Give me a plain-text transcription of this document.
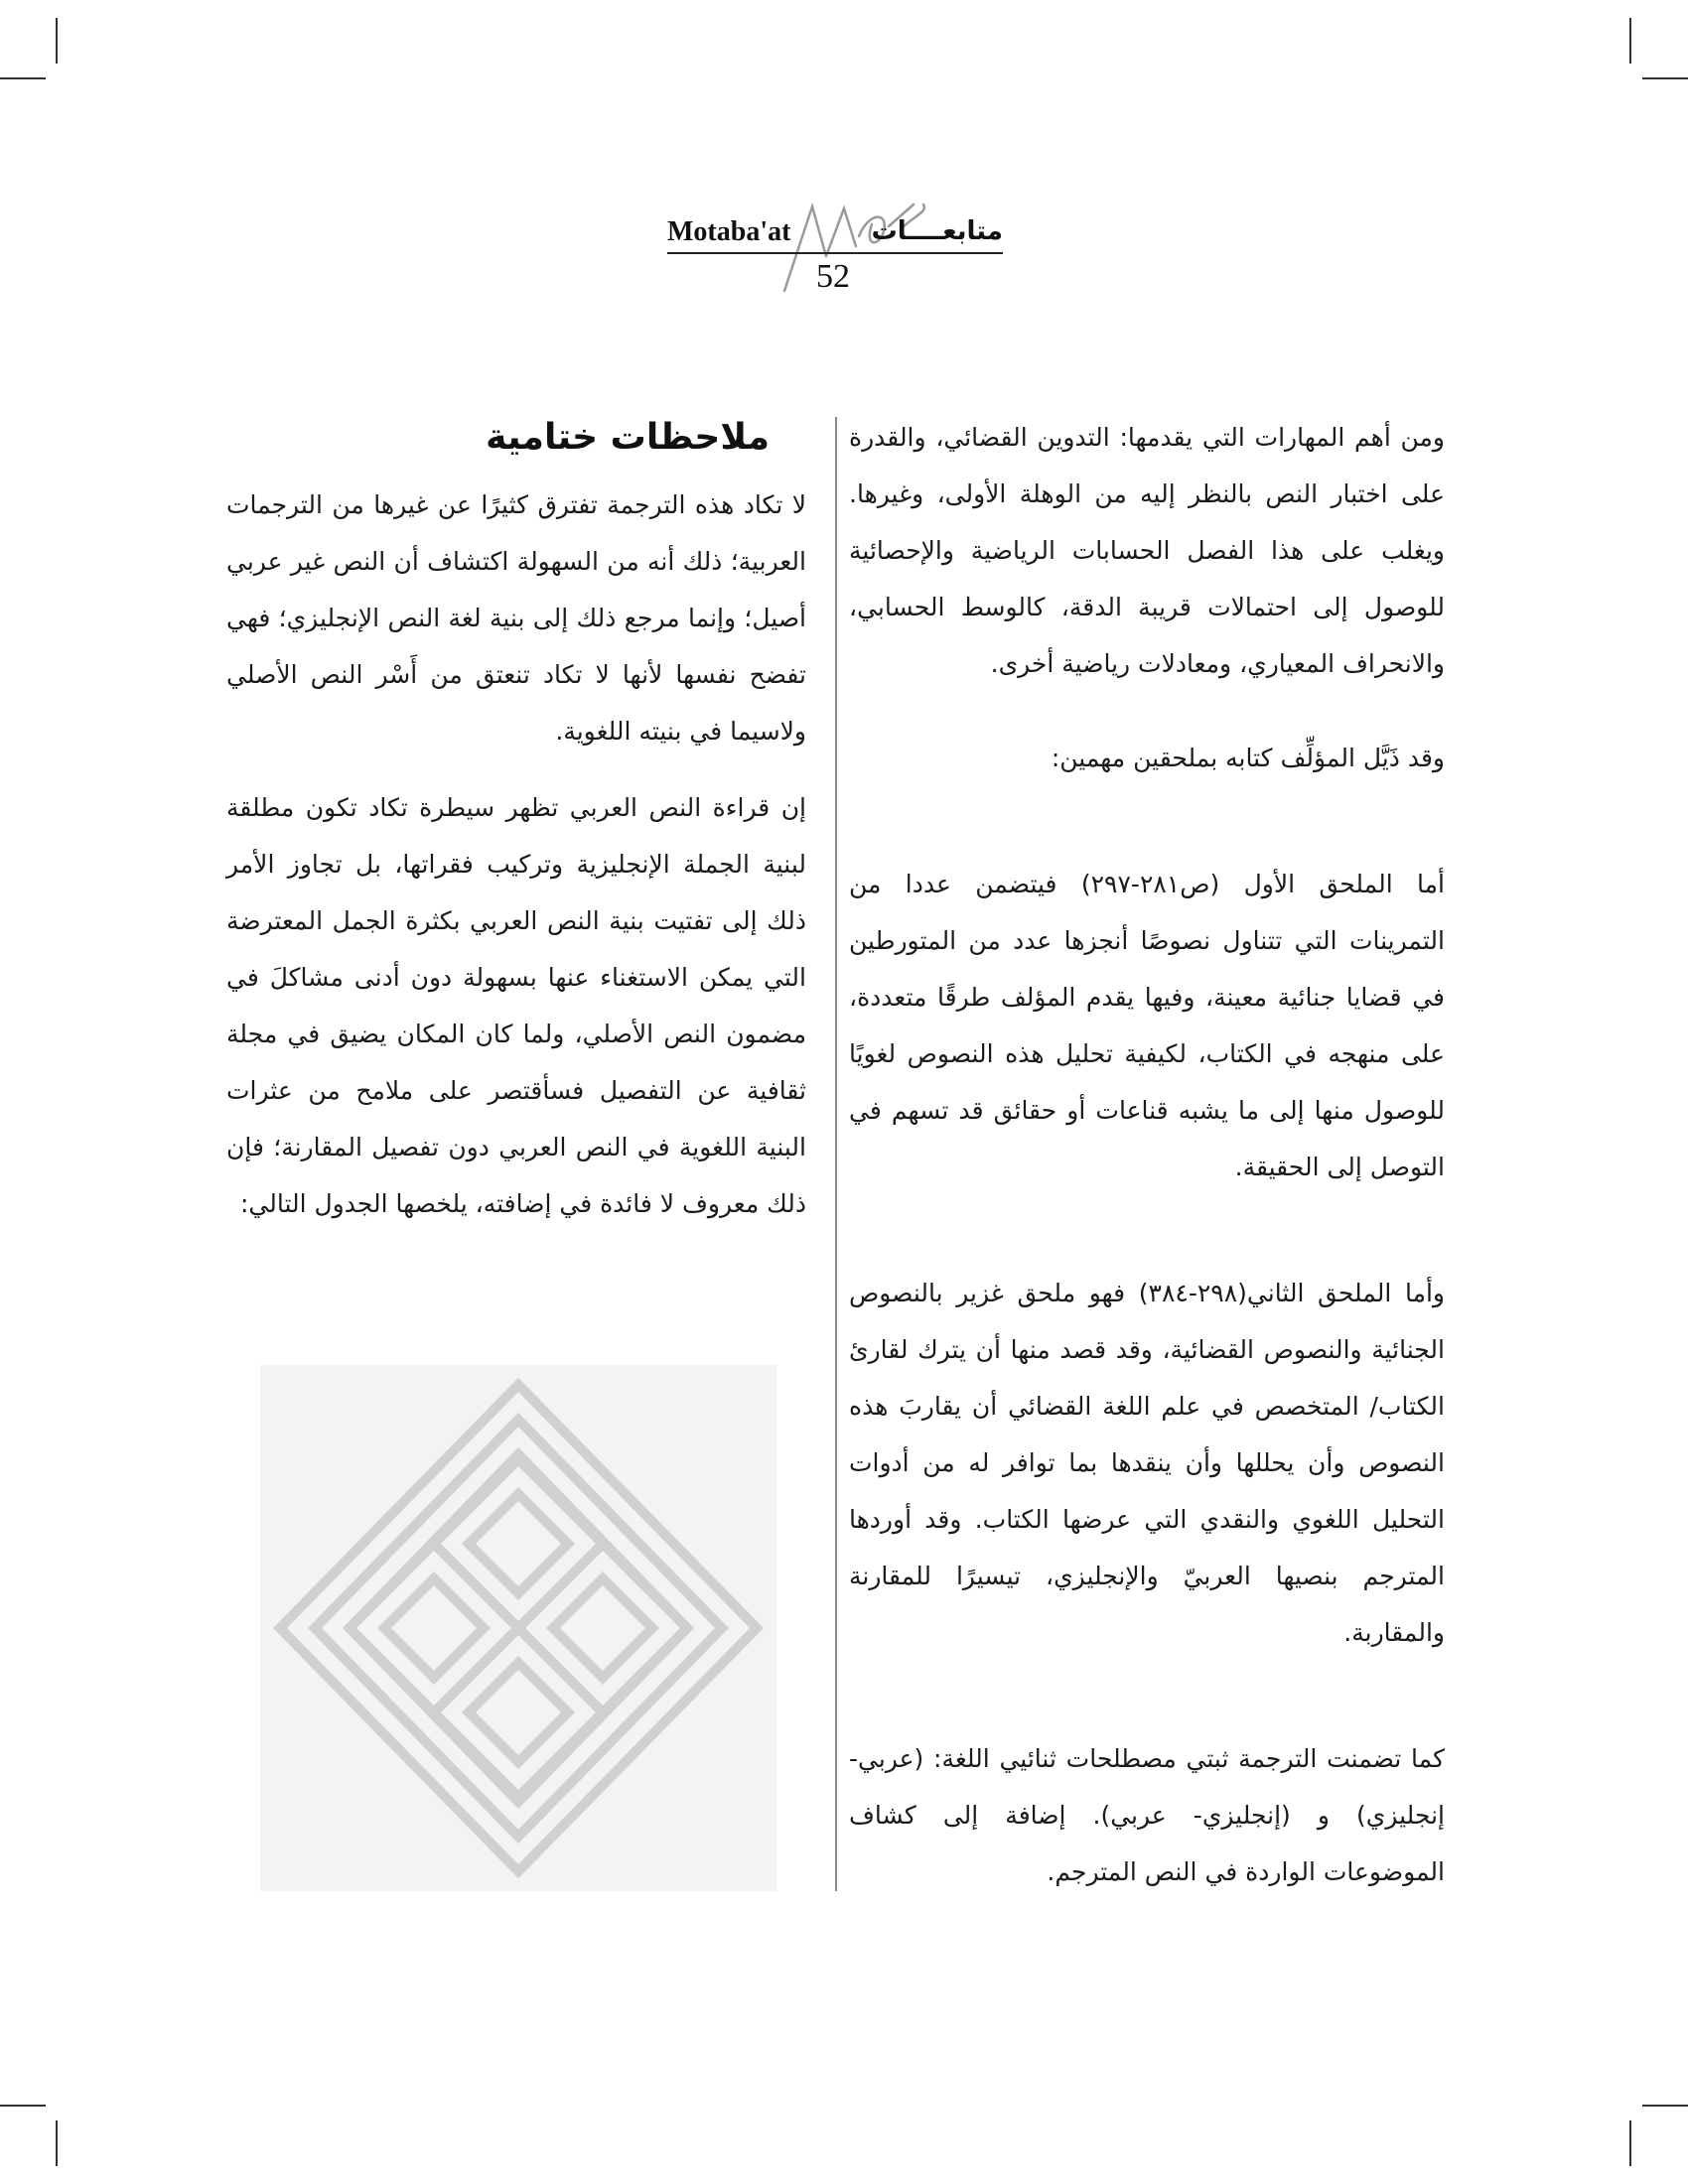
Motaba'at	متابعــــات
52

ومن أهم المهارات التي يقدمها: التدوين القضائي، والقدرة على اختبار النص بالنظر إليه من الوهلة الأولى، وغيرها. ويغلب على هذا الفصل الحسابات الرياضية والإحصائية للوصول إلى احتمالات قريبة الدقة، كالوسط الحسابي، والانحراف المعياري، ومعادلات رياضية أخرى.

وقد ذَيَّل المؤلِّف كتابه بملحقين مهمين:

أما الملحق الأول (ص٢٨١-٢٩٧) فيتضمن عددا من التمرينات التي تتناول نصوصًا أنجزها عدد من المتورطين في قضايا جنائية معينة، وفيها يقدم المؤلف طرقًا متعددة، على منهجه في الكتاب، لكيفية تحليل هذه النصوص لغويًا للوصول منها إلى ما يشبه قناعات أو حقائق قد تسهم في التوصل إلى الحقيقة.

وأما الملحق الثاني(٢٩٨-٣٨٤) فهو ملحق غزير بالنصوص الجنائية والنصوص القضائية، وقد قصد منها أن يترك لقارئ الكتاب/ المتخصص في علم اللغة القضائي أن يقاربَ هذه النصوص وأن يحللها وأن ينقدها بما توافر له من أدوات التحليل اللغوي والنقدي التي عرضها الكتاب. وقد أوردها المترجم بنصيها العربيّ والإنجليزي، تيسيرًا للمقارنة والمقاربة.

كما تضمنت الترجمة ثبتي مصطلحات ثنائيي اللغة: (عربي- إنجليزي) و (إنجليزي- عربي). إضافة إلى كشاف الموضوعات الواردة في النص المترجم.

ملاحظات ختامية

لا تكاد هذه الترجمة تفترق كثيرًا عن غيرها من الترجمات العربية؛ ذلك أنه من السهولة اكتشاف أن النص غير عربي أصيل؛ وإنما مرجع ذلك إلى بنية لغة النص الإنجليزي؛ فهي تفضح نفسها لأنها لا تكاد تنعتق من أَسْر النص الأصلي ولاسيما في بنيته اللغوية.

إن قراءة النص العربي تظهر سيطرة تكاد تكون مطلقة لبنية الجملة الإنجليزية وتركيب فقراتها، بل تجاوز الأمر ذلك إلى تفتيت بنية النص العربي بكثرة الجمل المعترضة التي يمكن الاستغناء عنها بسهولة دون أدنى مشاكلَ في مضمون النص الأصلي، ولما كان المكان يضيق في مجلة ثقافية عن التفصيل فسأقتصر على ملامح من عثرات البنية اللغوية في النص العربي دون تفصيل المقارنة؛ فإن ذلك معروف لا فائدة في إضافته، يلخصها الجدول التالي:
